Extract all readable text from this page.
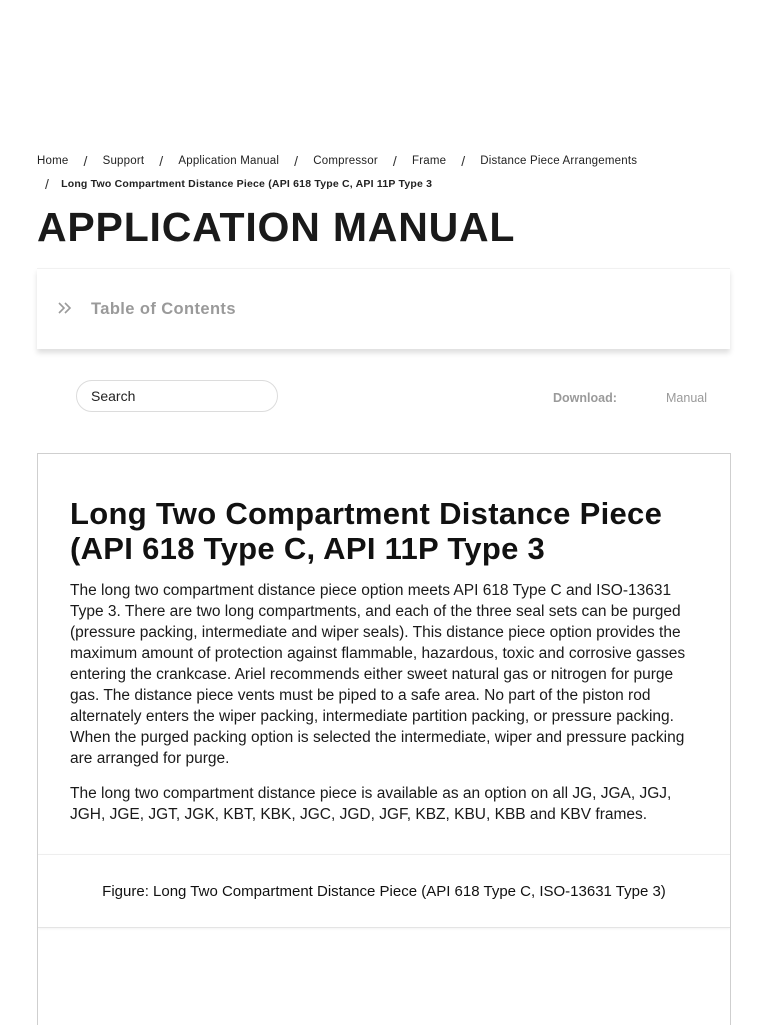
Home	/	Support	/	Application Manual	/	Compressor	/	Frame	/	Distance Piece Arrangements
/	Long Two Compartment Distance Piece (API 618 Type C, API 11P Type 3
APPLICATION MANUAL
Table of Contents
Search
Download:	Manual
Long Two Compartment Distance Piece (API 618 Type C, API 11P Type 3

The long two compartment distance piece option meets API 618 Type C and ISO-13631 Type 3. There are two long compartments, and each of the three seal sets can be purged (pressure packing, intermediate and wiper seals). This distance piece option provides the maximum amount of protection against flammable, hazardous, toxic and corrosive gasses entering the crankcase. Ariel recommends either sweet natural gas or nitrogen for purge gas. The distance piece vents must be piped to a safe area. No part of the piston rod alternately enters the wiper packing, intermediate partition packing, or pressure packing. When the purged packing option is selected the intermediate, wiper and pressure packing are arranged for purge.

The long two compartment distance piece is available as an option on all JG, JGA, JGJ, JGH, JGE, JGT, JGK, KBT, KBK, JGC, JGD, JGF, KBZ, KBU, KBB and KBV frames.

Figure: Long Two Compartment Distance Piece (API 618 Type C, ISO-13631 Type 3)
